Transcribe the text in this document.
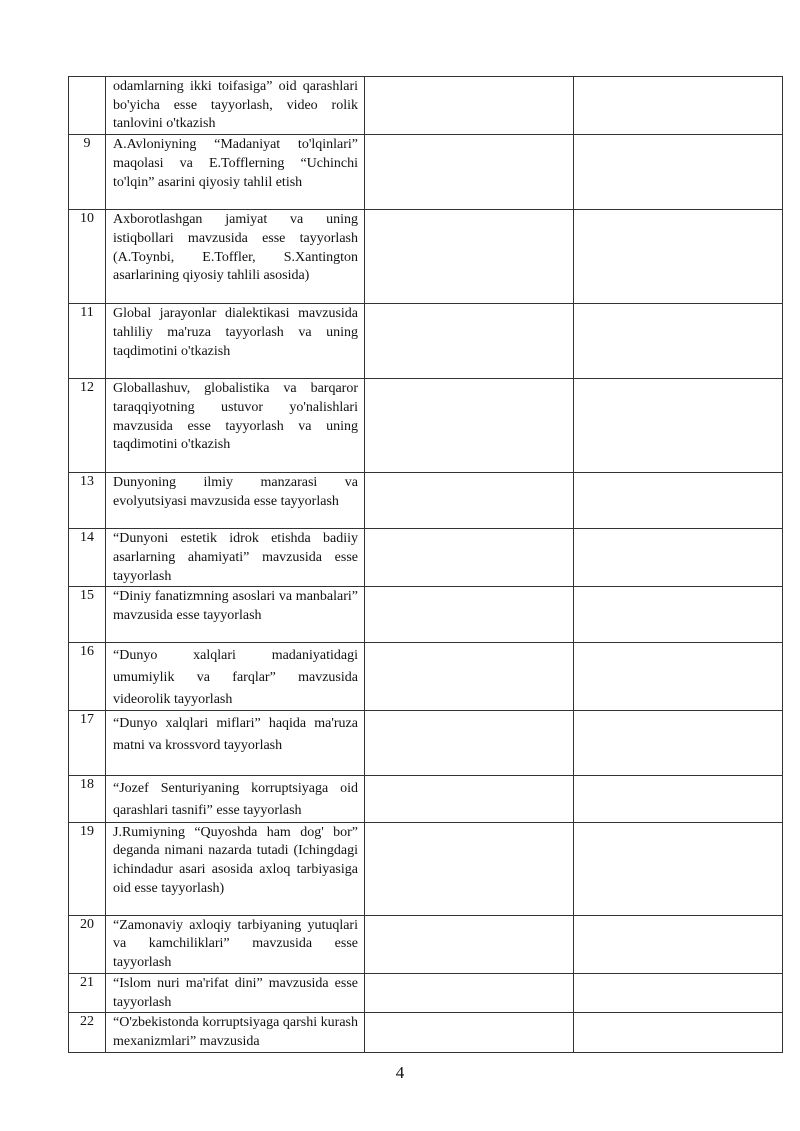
	odamlarning ikki toifasiga” oid qarashlari bo'yicha esse tayyorlash, video rolik tanlovini o'tkazish		

9	A.Avloniyning “Madaniyat to'lqinlari” maqolasi va E.Tofflerning “Uchinchi to'lqin” asarini qiyosiy tahlil etish		

10	Axborotlashgan jamiyat va uning istiqbollari mavzusida esse tayyorlash (A.Toynbi, E.Toffler, S.Xantington asarlarining qiyosiy tahlili asosida)		

11	Global jarayonlar dialektikasi mavzusida tahliliy ma'ruza tayyorlash va uning taqdimotini o'tkazish		

12	Globallashuv, globalistika va barqaror taraqqiyotning ustuvor yo'nalishlari mavzusida esse tayyorlash va uning taqdimotini o'tkazish		

13	Dunyoning ilmiy manzarasi va evolyutsiyasi mavzusida esse tayyorlash		

14	“Dunyoni estetik idrok etishda badiiy asarlarning ahamiyati” mavzusida esse tayyorlash		

15	“Diniy fanatizmning asoslari va manbalari” mavzusida esse tayyorlash		

16	“Dunyo xalqlari madaniyatidagi umumiylik va farqlar” mavzusida videorolik tayyorlash		

17	“Dunyo xalqlari miflari” haqida ma'ruza matni va krossvord tayyorlash		

18	“Jozef Senturiyaning korruptsiyaga oid qarashlari tasnifi” esse tayyorlash		

19	J.Rumiyning “Quyoshda ham dog' bor” deganda nimani nazarda tutadi (Ichingdagi ichindadur asari asosida axloq tarbiyasiga oid esse tayyorlash)		

20	“Zamonaviy axloqiy tarbiyaning yutuqlari va kamchiliklari” mavzusida esse tayyorlash		

21	“Islom nuri ma'rifat dini” mavzusida esse tayyorlash		

22	“O'zbekistonda korruptsiyaga qarshi kurash mexanizmlari” mavzusida		

4
